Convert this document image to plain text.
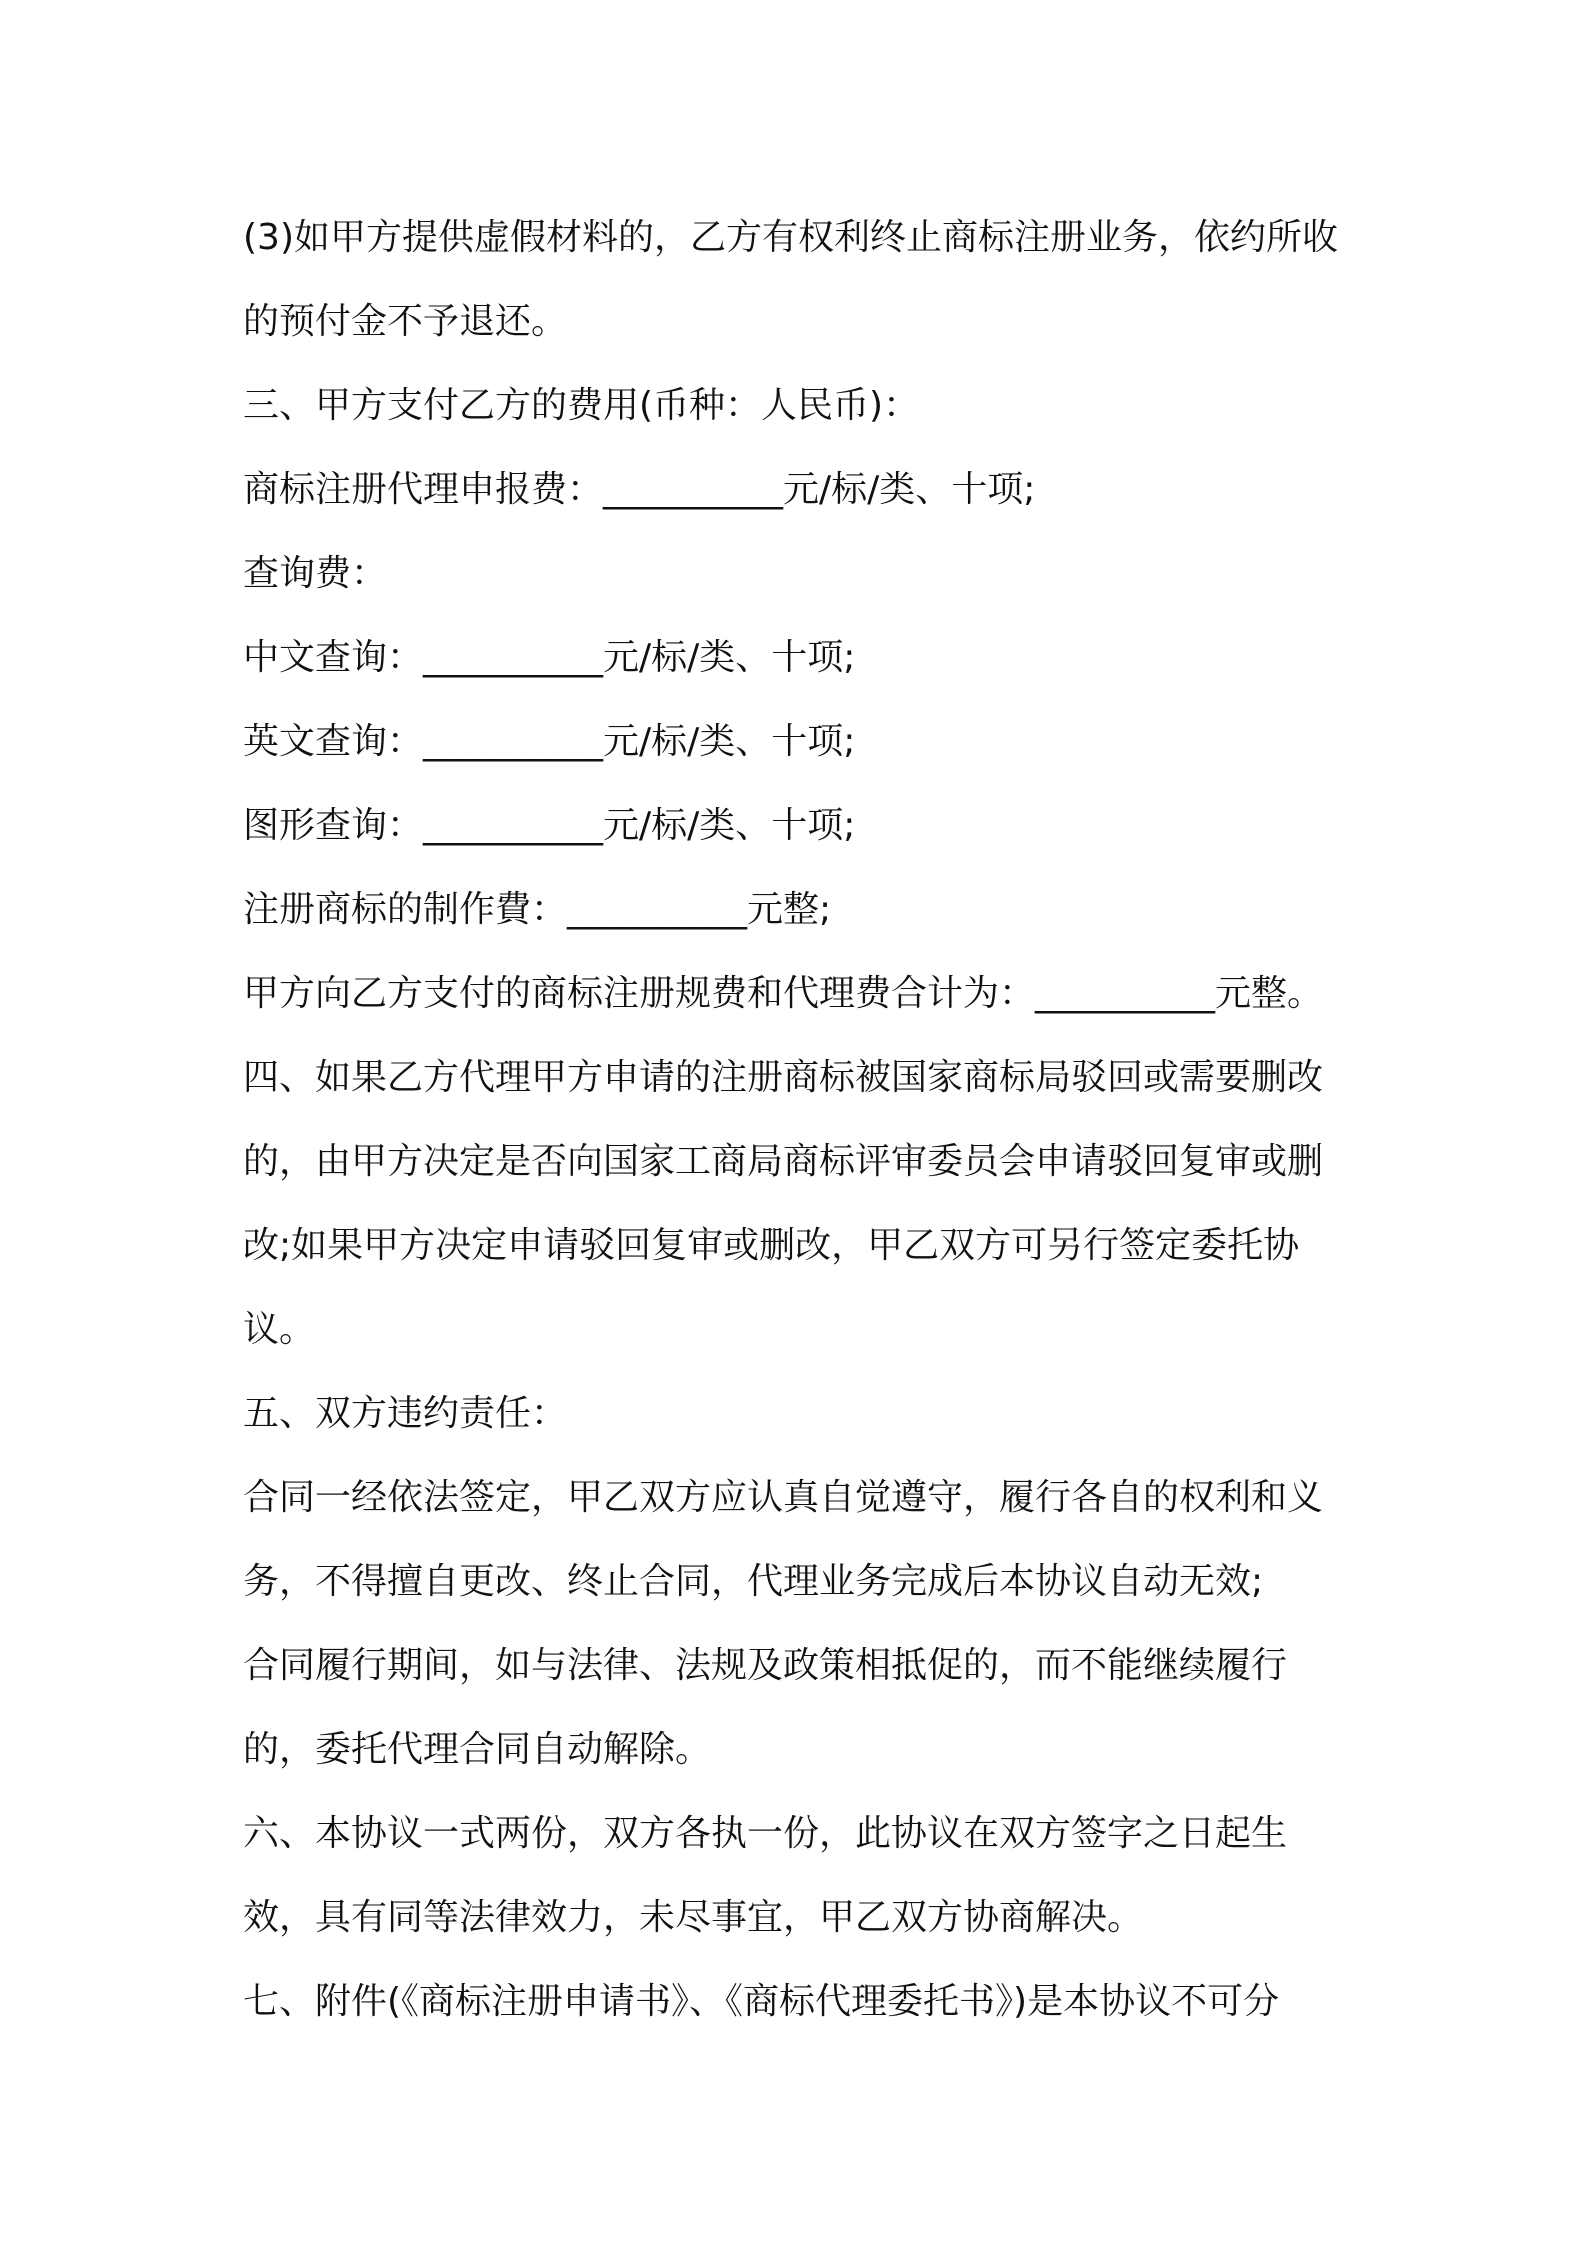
(3)如甲方提供虚假材料的，乙方有权利终止商标注册业务，依约所收的预付金不予退还。

三、甲方支付乙方的费用(币种：人民币)：

商标注册代理申报费：__________元/标/类、十项;

查询费：

中文查询：__________元/标/类、十项;

英文查询：__________元/标/类、十项;

图形查询：__________元/标/类、十项;

注册商标的制作費：__________元整;

甲方向乙方支付的商标注册规费和代理费合计为：__________元整。

四、如果乙方代理甲方申请的注册商标被国家商标局驳回或需要删改的，由甲方决定是否向国家工商局商标评审委员会申请驳回复审或删改;如果甲方决定申请驳回复审或删改，甲乙双方可另行签定委托协议。

五、双方违约责任：

合同一经依法签定，甲乙双方应认真自觉遵守，履行各自的权利和义务，不得擅自更改、终止合同，代理业务完成后本协议自动无效;

合同履行期间，如与法律、法规及政策相抵促的，而不能继续履行的，委托代理合同自动解除。

六、本协议一式两份，双方各执一份，此协议在双方签字之日起生效，具有同等法律效力，未尽事宜，甲乙双方协商解决。

七、附件(《商标注册申请书》、《商标代理委托书》)是本协议不可分
